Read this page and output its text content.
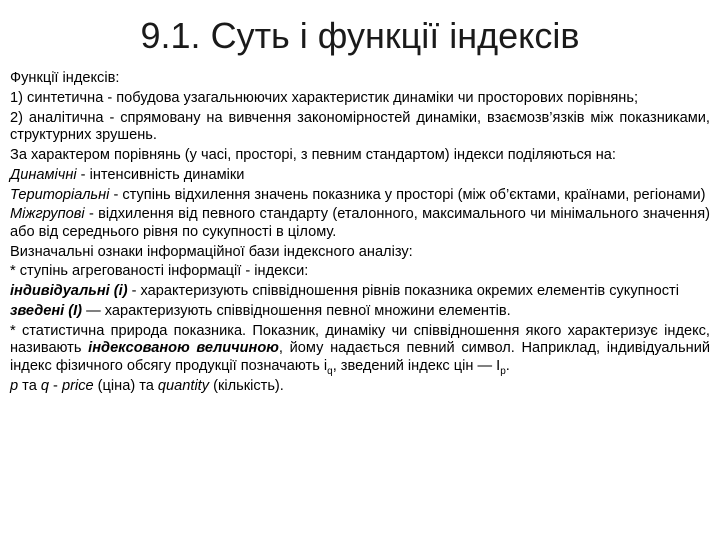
9.1. Суть і функції індексів
Функції індексів:
1) синтетична - побудова узагальнюючих характеристик динаміки чи просторових порівнянь;
2) аналітична - спрямовану на вивчення закономірностей динаміки, взаємозв’язків між показниками, структурних зрушень.
За характером порівнянь (у часі, просторі, з певним стандартом) індекси поділяються на:
Динамічні - інтенсивність динаміки
Територіальні - ступінь відхилення значень показника у просторі (між об’єктами, країнами, регіонами)
Міжгрупові - відхилення від певного стандарту (еталонного, максимального чи мінімального значення) або від середнього рівня по сукупності в цілому.
Визначальні ознаки інформаційної бази індексного аналізу:
* ступінь агрегованості інформації - індекси:
індивідуальні (і) - характеризують співвідношення рівнів показника окремих елементів сукупності
зведені (І) — характеризують співвідношення певної множини елементів.
* статистична природа показника. Показник, динаміку чи співвідношення якого характеризує індекс, називають індексованою величиною, йому надається певний символ. Наприклад, індивідуальний індекс фізичного обсягу продукції позначають $i_q$, зведений індекс цін — $I_p$.
p та q - price (ціна) та quantity (кількість).
